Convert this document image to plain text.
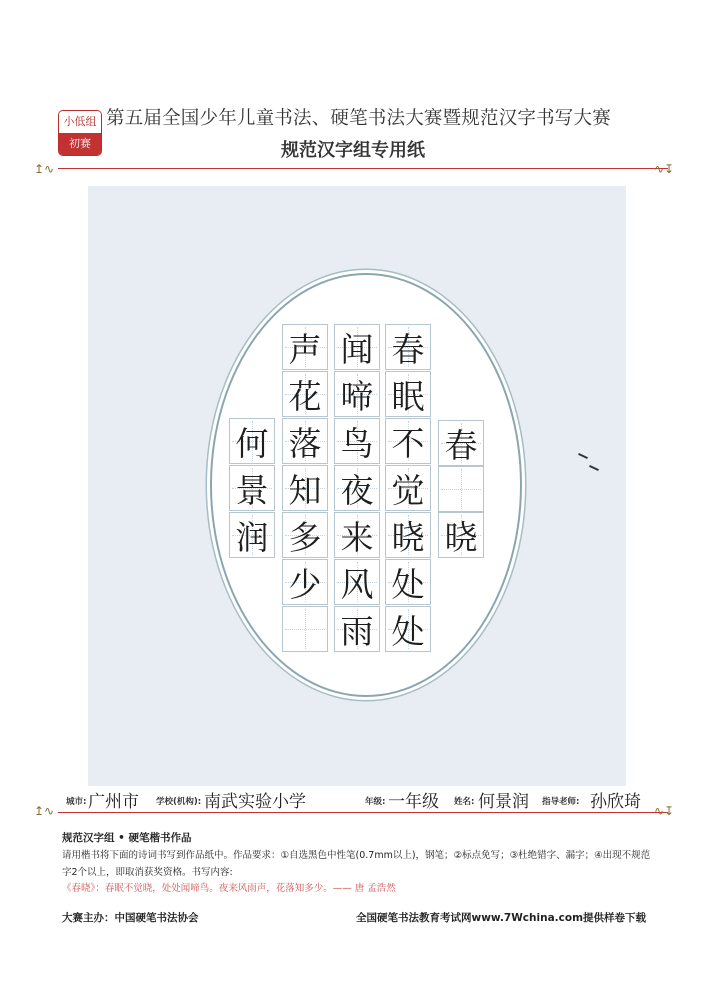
小低组
初赛
第五届全国少年儿童书法、硬笔书法大赛暨规范汉字书写大赛
规范汉字组专用纸
↥∿	∿↧
春
晓
春
眠
不
觉
晓
处
处
闻
啼
鸟
夜
来
风
雨
声
花
落
知
多
少
何
景
润
城市: 广州市 学校(机构): 南武实验小学	年级: 一年级 姓名: 何景润 指导老师: 孙欣琦
↥∿	∿↧
规范汉字组 • 硬笔楷书作品
请用楷书将下面的诗词书写到作品纸中。作品要求：①自选黑色中性笔(0.7mm以上)，钢笔；②标点免写；③杜绝错字、漏字；④出现不规范字2个以上，即取消获奖资格。书写内容:
《春晓》：春眠不觉晓，处处闻啼鸟。夜来风雨声，花落知多少。—— 唐 孟浩然
大赛主办：中国硬笔书法协会	全国硬笔书法教育考试网www.7Wchina.com提供样卷下载
